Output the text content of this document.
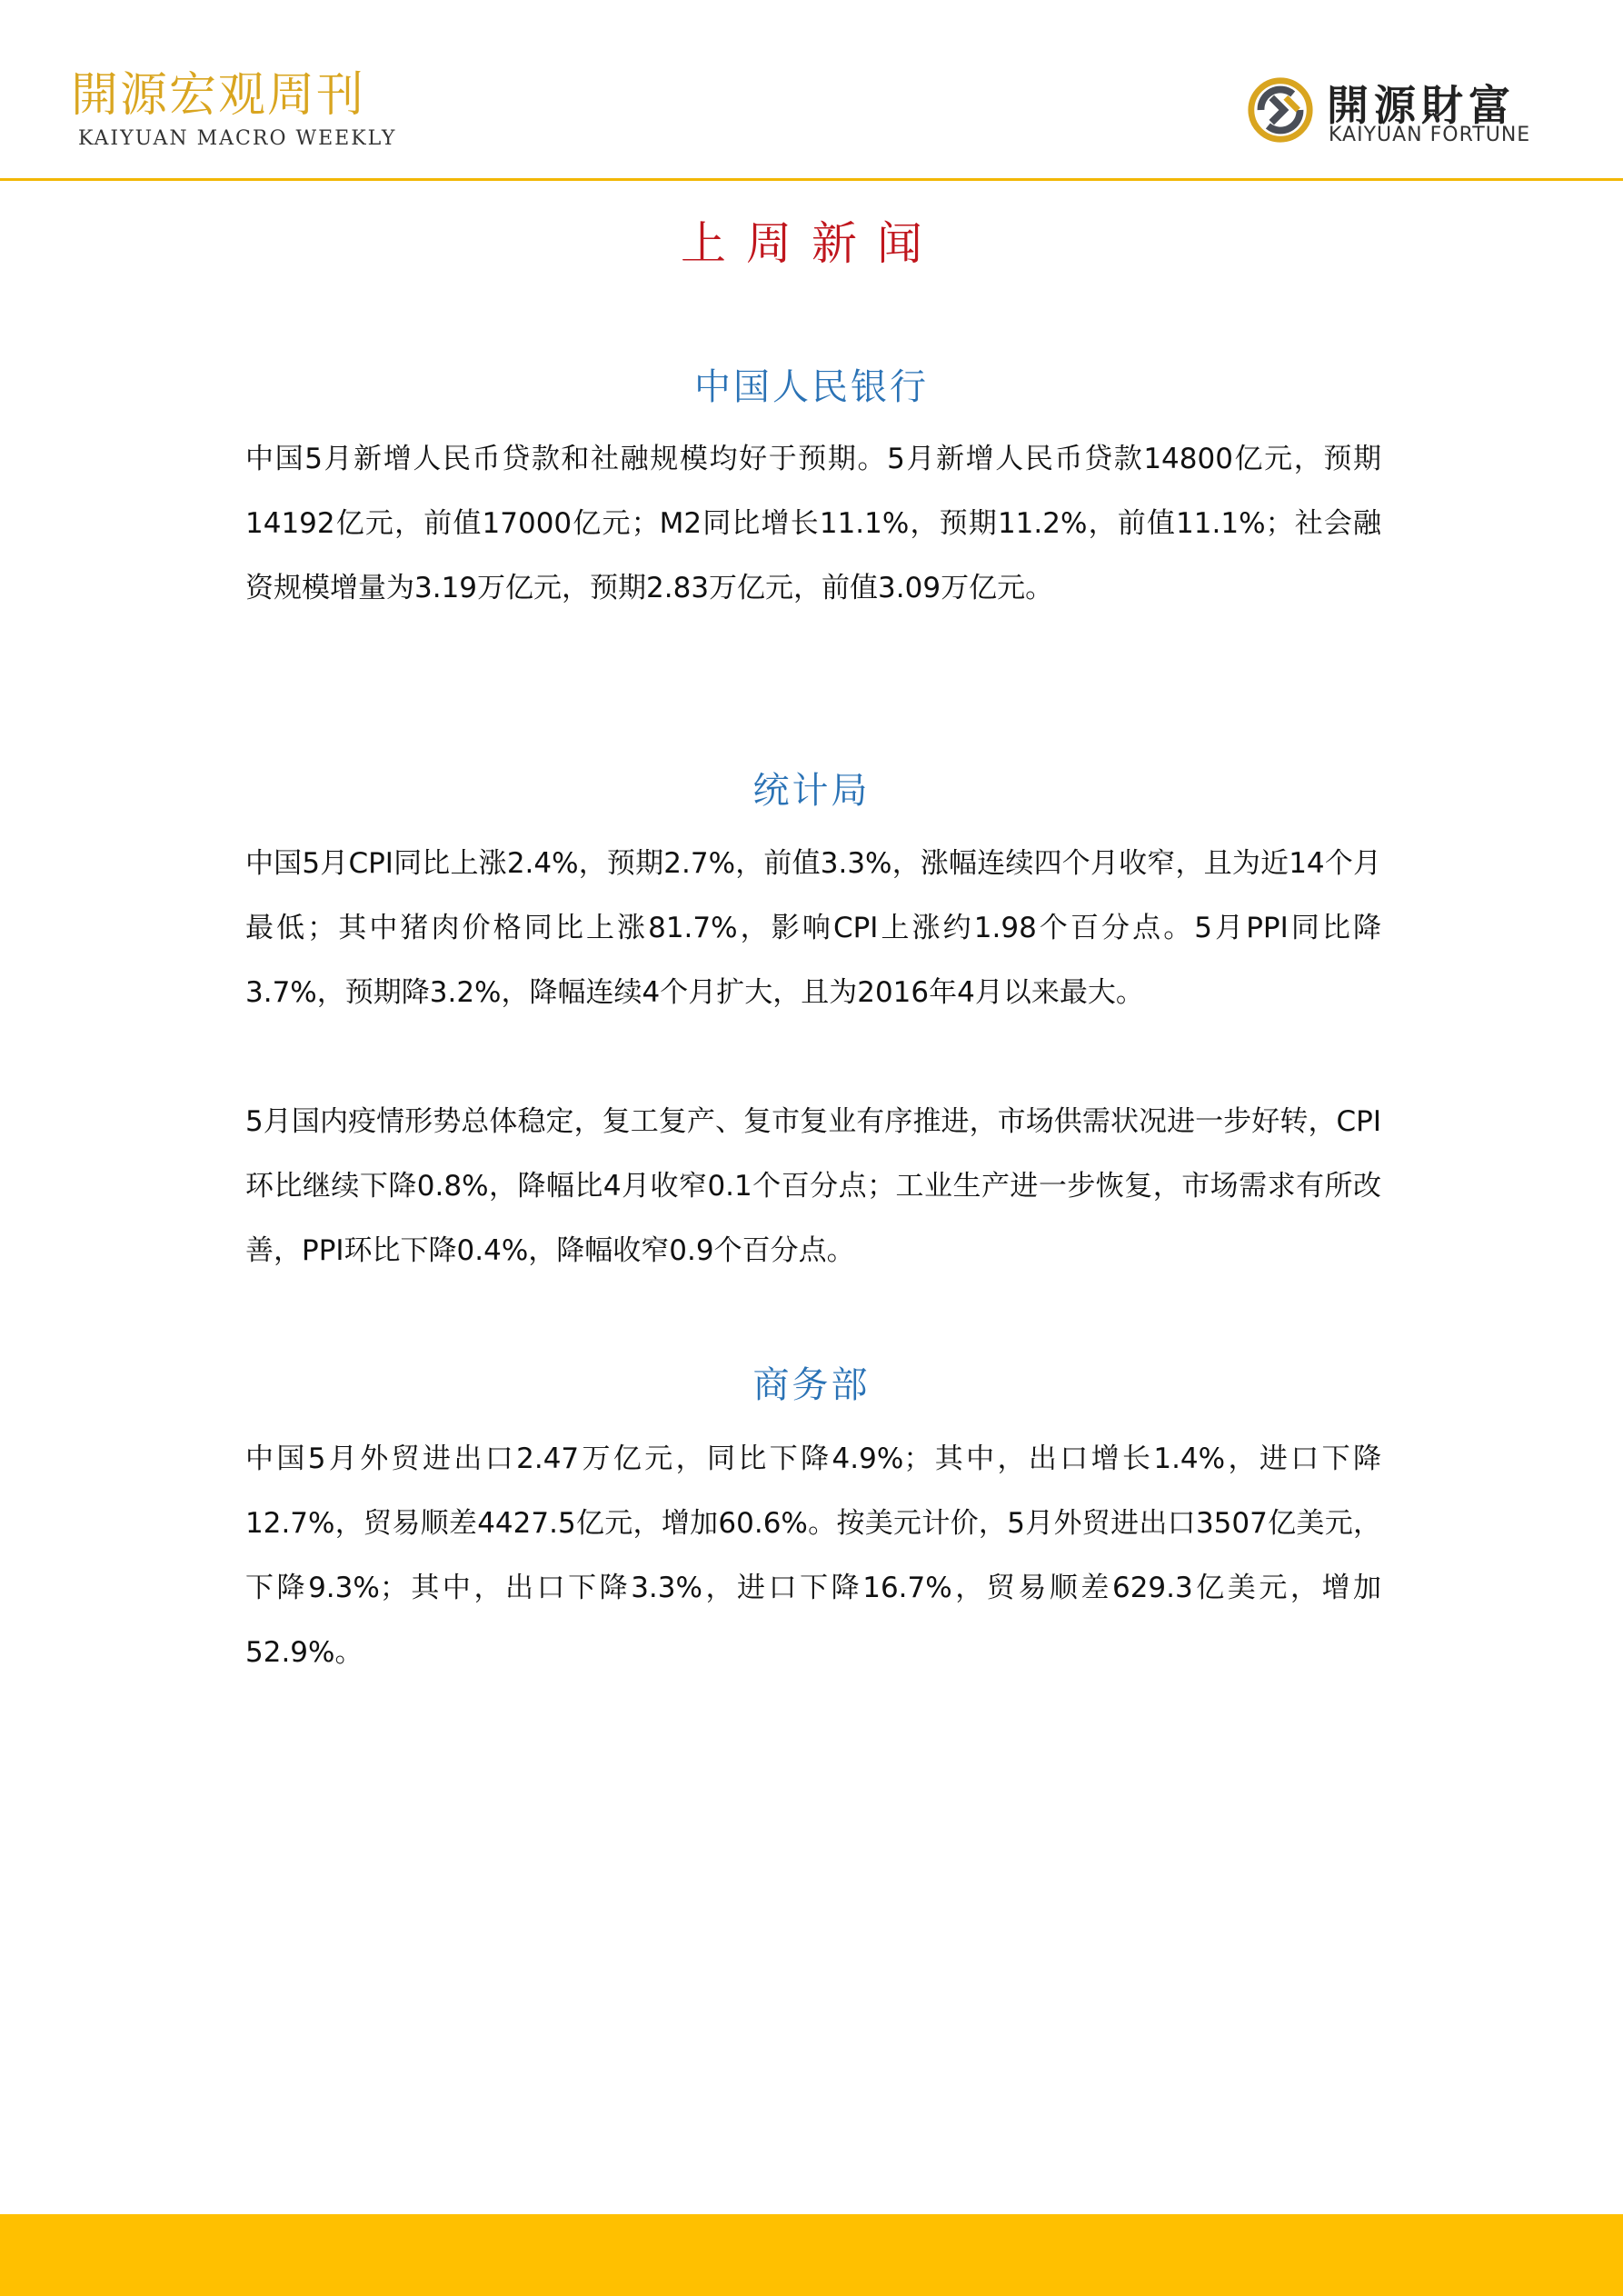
開源宏观周刊
KAIYUAN MACRO WEEKLY
開源財富
KAIYUAN FORTUNE
上周新闻
中国人民银行

中国5月新增人民币贷款和社融规模均好于预期。5月新增人民币贷款14800亿元，预期14192亿元，前值17000亿元；M2同比增长11.1%，预期11.2%，前值11.1%；社会融资规模增量为3.19万亿元，预期2.83万亿元，前值3.09万亿元。

统计局

中国5月CPI同比上涨2.4%，预期2.7%，前值3.3%，涨幅连续四个月收窄，且为近14个月最低；其中猪肉价格同比上涨81.7%，影响CPI上涨约1.98个百分点。5月PPI同比降3.7%，预期降3.2%，降幅连续4个月扩大，且为2016年4月以来最大。

5月国内疫情形势总体稳定，复工复产、复市复业有序推进，市场供需状况进一步好转，CPI环比继续下降0.8%，降幅比4月收窄0.1个百分点；工业生产进一步恢复，市场需求有所改善，PPI环比下降0.4%，降幅收窄0.9个百分点。

商务部

中国5月外贸进出口2.47万亿元，同比下降4.9%；其中，出口增长1.4%，进口下降12.7%，贸易顺差4427.5亿元，增加60.6%。按美元计价，5月外贸进出口3507亿美元，下降9.3%；其中，出口下降3.3%，进口下降16.7%，贸易顺差629.3亿美元，增加52.9%。
